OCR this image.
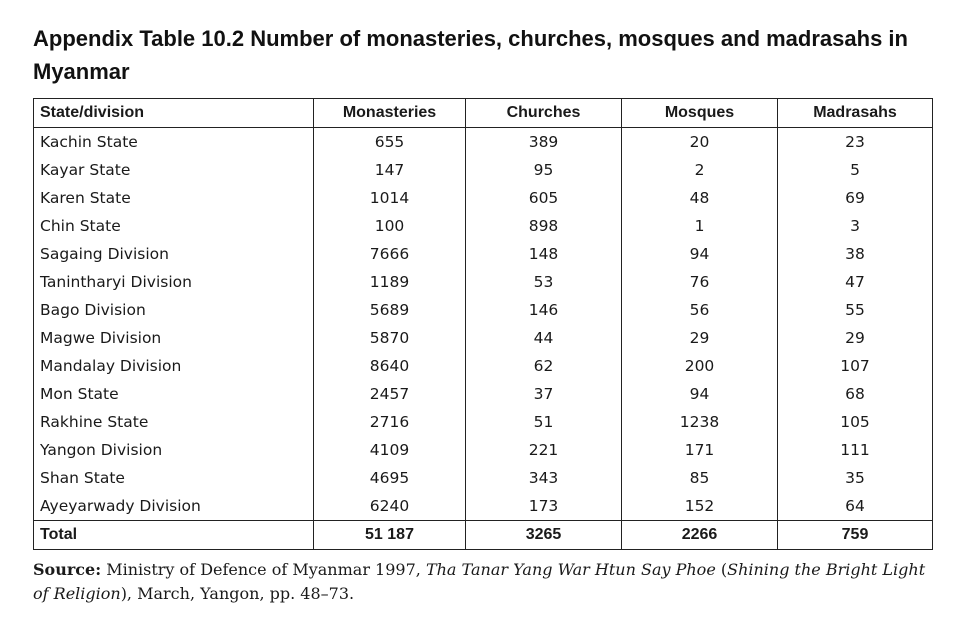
Appendix Table 10.2 Number of monasteries, churches, mosques and madrasahs in Myanmar
State/division	Monasteries	Churches	Mosques	Madrasahs
Kachin State	655	389	20	23
Kayar State	147	95	2	5
Karen State	1014	605	48	69
Chin State	100	898	1	3
Sagaing Division	7666	148	94	38
Tanintharyi Division	1189	53	76	47
Bago Division	5689	146	56	55
Magwe Division	5870	44	29	29
Mandalay Division	8640	62	200	107
Mon State	2457	37	94	68
Rakhine State	2716	51	1238	105
Yangon Division	4109	221	171	111
Shan State	4695	343	85	35
Ayeyarwady Division	6240	173	152	64
Total	51 187	3265	2266	759

Source: Ministry of Defence of Myanmar 1997, Tha Tanar Yang War Htun Say Phoe (Shining the Bright Light of Religion), March, Yangon, pp. 48–73.
